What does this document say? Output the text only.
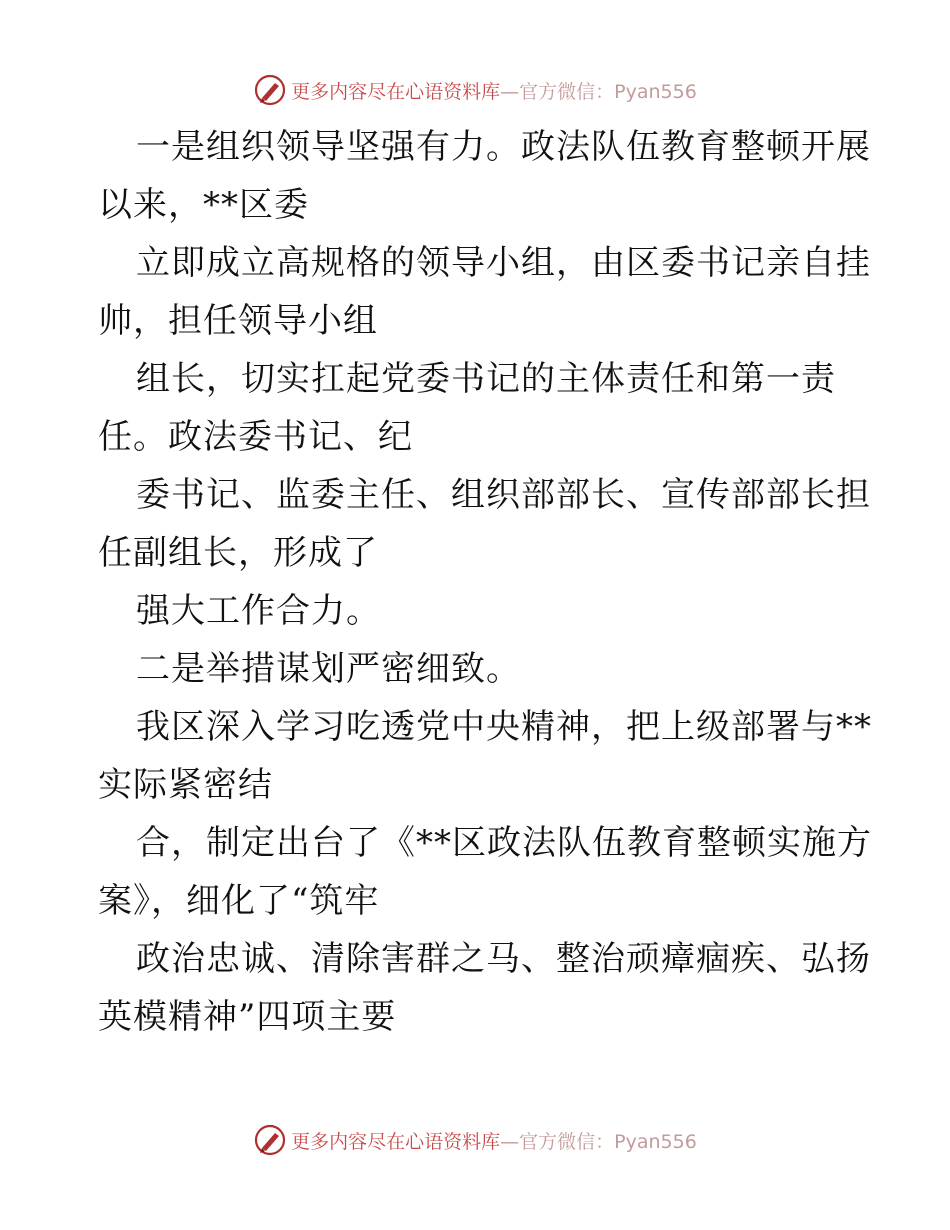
更多内容尽在心语资料库—官方微信：Pyan556
一是组织领导坚强有力。政法队伍教育整顿开展
以来，**区委
立即成立高规格的领导小组，由区委书记亲自挂
帅，担任领导小组
组长，切实扛起党委书记的主体责任和第一责
任。政法委书记、纪
委书记、监委主任、组织部部长、宣传部部长担
任副组长，形成了
强大工作合力。
二是举措谋划严密细致。
我区深入学习吃透党中央精神，把上级部署与**
实际紧密结
合，制定出台了《**区政法队伍教育整顿实施方
案》，细化了“筑牢
政治忠诚、清除害群之马、整治顽瘴痼疾、弘扬
英模精神”四项主要
更多内容尽在心语资料库—官方微信：Pyan556
